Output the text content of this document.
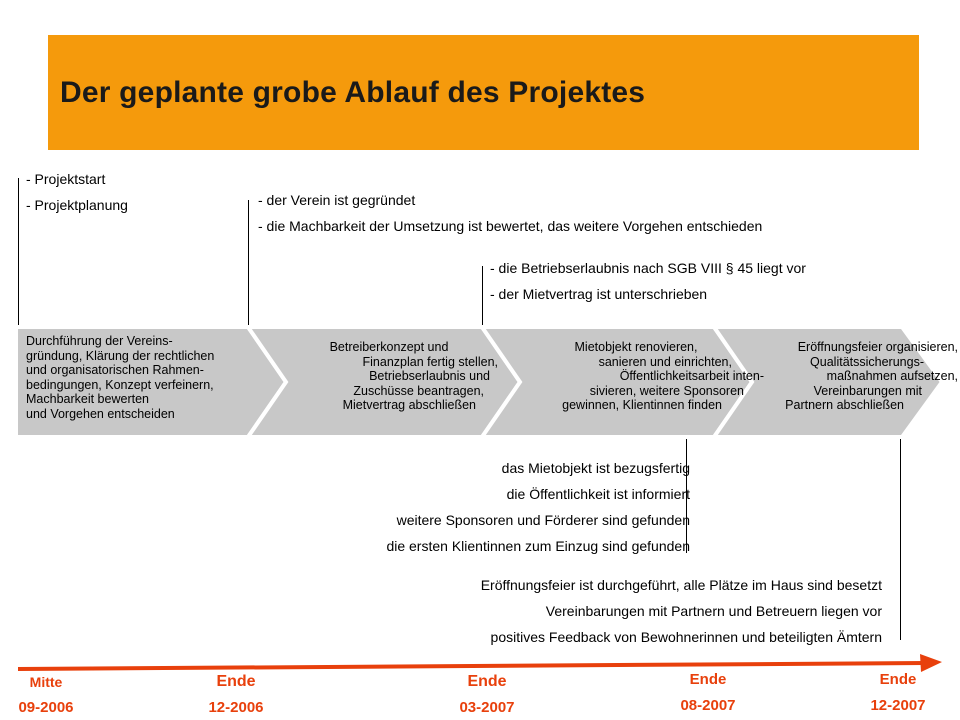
Der geplante grobe Ablauf des Projektes
- Projektstart
- Projektplanung	- der Verein ist gegründet
- die Machbarkeit der Umsetzung ist bewertet, das weitere Vorgehen entschieden
- die Betriebserlaubnis nach SGB VIII § 45 liegt vor
- der Mietvertrag ist unterschrieben
Durchführung der Vereins-
gründung, Klärung der rechtlichen
und organisatorischen Rahmen-
bedingungen, Konzept verfeinern,
Machbarkeit bewerten
und Vorgehen entscheiden
Betreiberkonzept und
Finanzplan fertig stellen,
Betriebserlaubnis und
Zuschüsse beantragen,
Mietvertrag abschließen
Mietobjekt renovieren,
sanieren und einrichten,
Öffentlichkeitsarbeit inten-
sivieren, weitere Sponsoren
gewinnen, Klientinnen finden
Eröffnungsfeier organisieren,
Qualitätssicherungs-
maßnahmen aufsetzen,
Vereinbarungen mit
Partnern abschließen
das Mietobjekt ist bezugsfertig
die Öffentlichkeit ist informiert
weitere Sponsoren und Förderer sind gefunden
die ersten Klientinnen zum Einzug sind gefunden
Eröffnungsfeier ist durchgeführt, alle Plätze im Haus sind besetzt
Vereinbarungen mit Partnern und Betreuern liegen vor
positives Feedback von Bewohnerinnen und beteiligten Ämtern
Mitte
09-2006
Ende
12-2006
Ende
03-2007
Ende
08-2007
Ende
12-2007
